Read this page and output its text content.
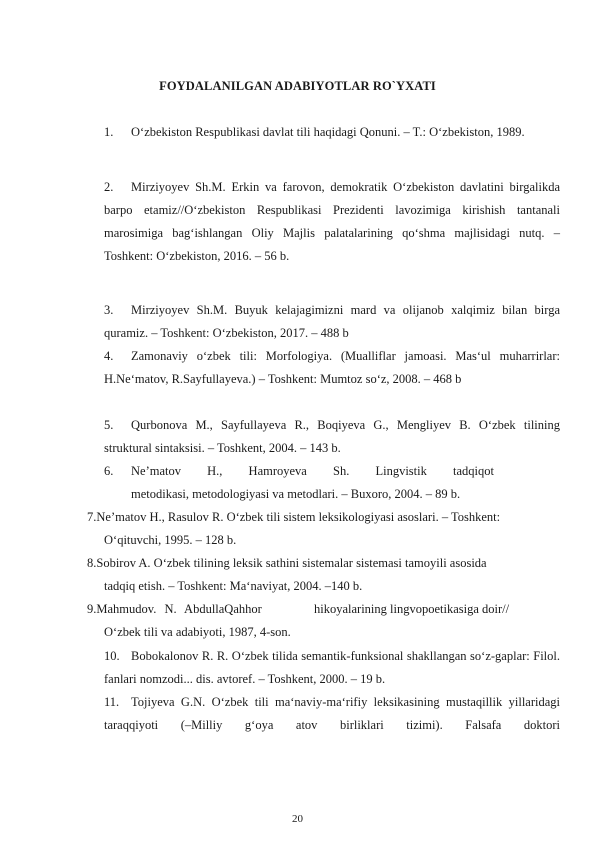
FOYDALANILGAN ADABIYOTLAR RO`YXATI
1.	O‘zbekiston Respublikasi davlat tili haqidagi Qonuni. – T.: O‘zbekiston, 1989.
2.	Mirziyoyev Sh.M. Erkin va farovon, demokratik O‘zbekiston davlatini birgalikda barpo etamiz//O‘zbekiston Respublikasi Prezidenti lavozimiga kirishish tantanali marosimiga bag‘ishlangan Oliy Majlis palatalarining qo‘shma majlisidagi nutq. – Toshkent: O‘zbekiston, 2016. – 56 b.
3.	Mirziyoyev Sh.M. Buyuk kelajagimizni mard va olijanob xalqimiz bilan birga quramiz. – Toshkent: O‘zbekiston, 2017. – 488 b
4.	Zamonaviy o‘zbek tili: Morfologiya. (Mualliflar jamoasi. Mas‘ul muharrirlar: H.Ne‘matov, R.Sayfullayeva.) – Toshkent: Mumtoz so‘z, 2008. – 468 b
5.	Qurbonova M., Sayfullayeva R., Boqiyeva G., Mengliyev B. O‘zbek tilining struktural sintaksisi. – Toshkent, 2004. – 143 b.
6.	Ne’matov H., Hamroyeva Sh. Lingvistik tadqiqot
metodikasi, metodologiyasi va metodlari. – Buxoro, 2004. – 89 b.
7.Ne’matov H., Rasulov R. O‘zbek tili sistem leksikologiyasi asoslari. – Toshkent:
O‘qituvchi, 1995. – 128 b.
8.Sobirov A. O‘zbek tilining leksik sathini sistemalar sistemasi tamoyili asosida
tadqiq etish. – Toshkent: Ma‘naviyat, 2004. –140 b.
9.Mahmudov. N. AbdullaQahhor	hikoyalarining lingvopoetikasiga doir//
O‘zbek tili va adabiyoti, 1987, 4-son.
10. Bobokalonov R. R. O‘zbek tilida semantik-funksional shakllangan so‘z-gaplar: Filol. fanlari nomzodi... dis. avtoref. – Toshkent, 2000. – 19 b.
11. Tojiyeva G.N. O‘zbek tili ma‘naviy-ma‘rifiy leksikasining mustaqillik yillaridagi taraqqiyoti (–Milliy g‘oya atov birliklari tizimi). Falsafa doktori
20
